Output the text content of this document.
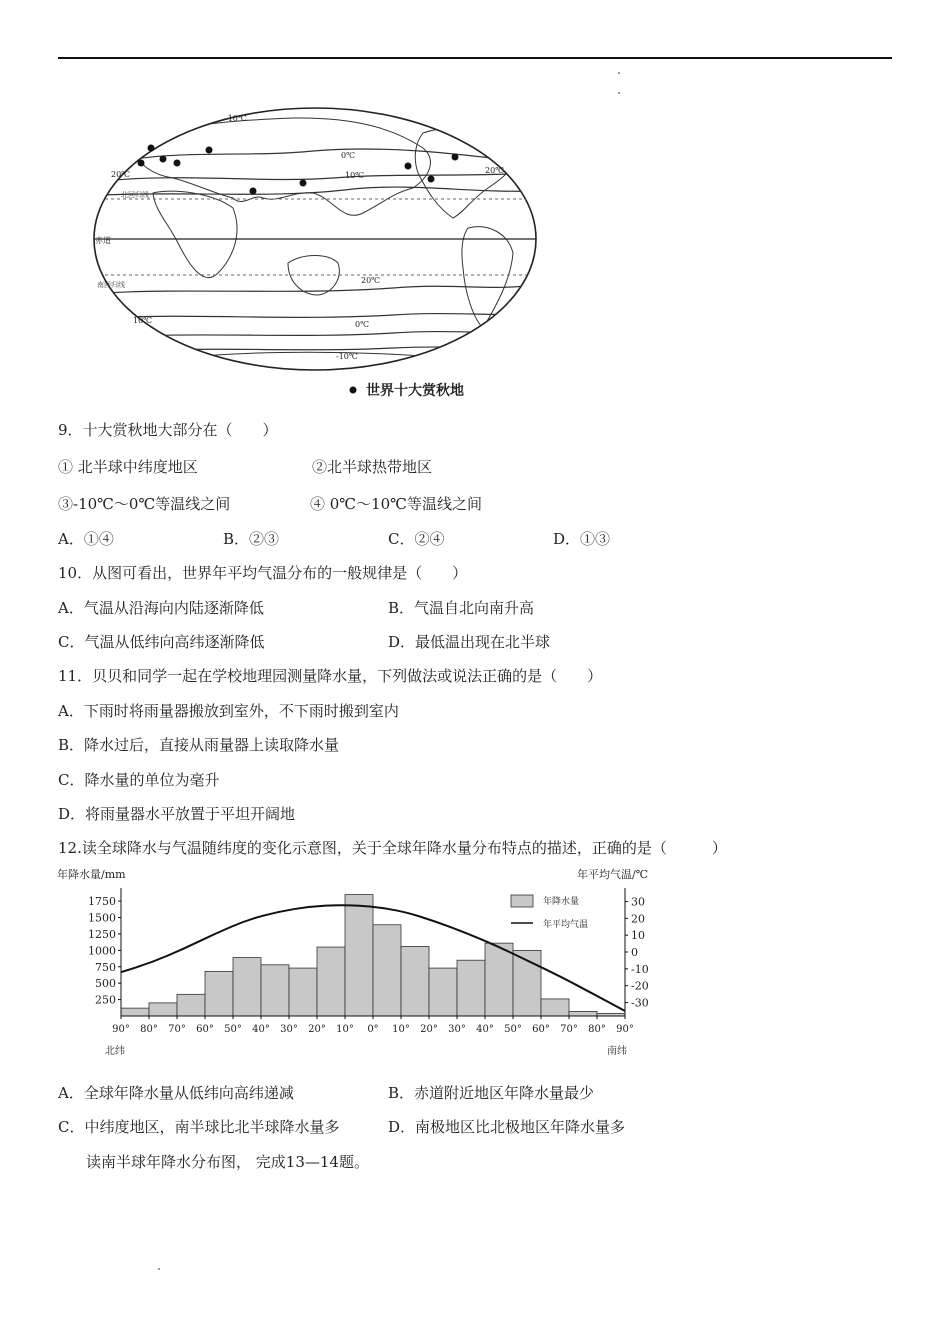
赤道
北回归线
南回归线
-10℃
0℃
10℃
20℃	20℃
20℃
0℃
10℃
-10℃
世界十大赏秋地
9．十大赏秋地大部分在（　　）
① 北半球中纬度地区	②北半球热带地区
③-10℃～0℃等温线之间	④ 0℃～10℃等温线之间
A．①④	B．②③	C．②④	D．①③
10．从图可看出，世界年平均气温分布的一般规律是（　　）
A．气温从沿海向内陆逐渐降低	B．气温自北向南升高
C．气温从低纬向高纬逐渐降低	D．最低温出现在北半球
11．贝贝和同学一起在学校地理园测量降水量，下列做法或说法正确的是（　　）
A．下雨时将雨量器搬放到室外，不下雨时搬到室内
B．降水过后，直接从雨量器上读取降水量
C．降水量的单位为毫升
D．将雨量器水平放置于平坦开阔地
12.读全球降水与气温随纬度的变化示意图，关于全球年降水量分布特点的描述，正确的是（　　　）
年降水量/mm	年平均气温/℃
1750
1500
1250
1000
750
500
250
30
20
10
0
-10
-20
-30
90° 80° 70° 60° 50° 40° 30° 20° 10° 0° 10° 20° 30° 40° 50° 60° 70° 80° 90°
年降水量
年平均气温
北纬	南纬
A．全球年降水量从低纬向高纬递减	B．赤道附近地区年降水量最少
C．中纬度地区，南半球比北半球降水量多	D．南极地区比北极地区年降水量多
读南半球年降水分布图， 完成13—14题。
